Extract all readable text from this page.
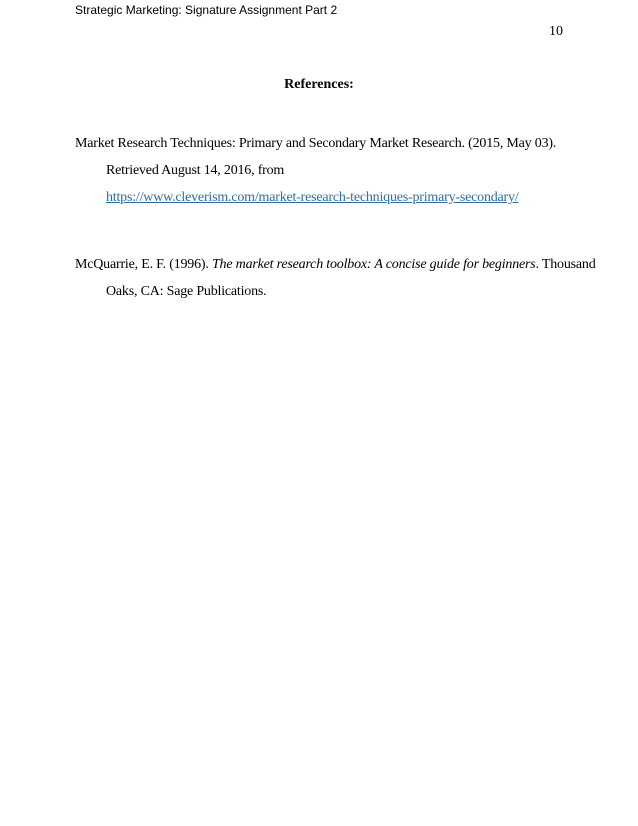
Strategic Marketing: Signature Assignment Part 2
10
References:
Market Research Techniques: Primary and Secondary Market Research. (2015, May 03).
Retrieved August 14, 2016, from
https://www.cleverism.com/market-research-techniques-primary-secondary/
McQuarrie, E. F. (1996). The market research toolbox: A concise guide for beginners. Thousand
Oaks, CA: Sage Publications.
